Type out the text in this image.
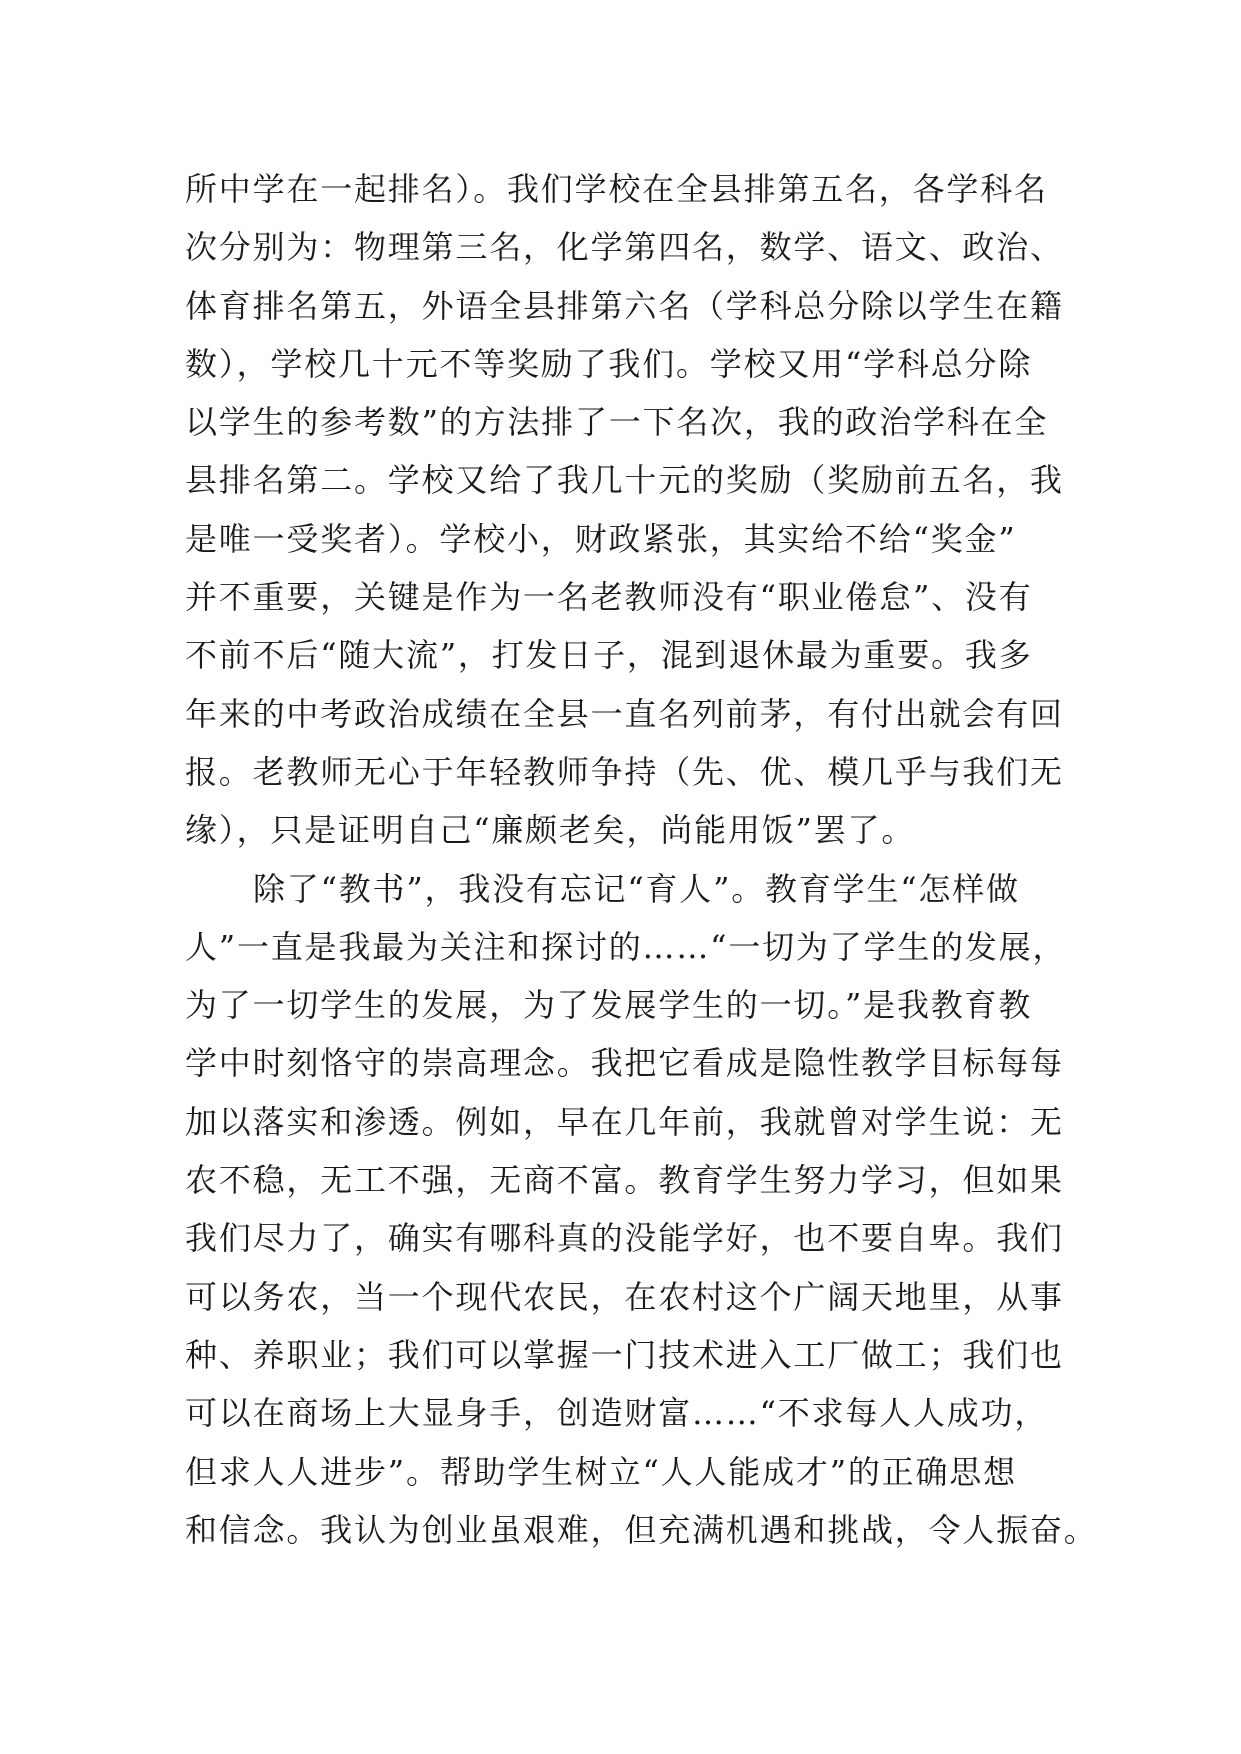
所中学在一起排名）。我们学校在全县排第五名，各学科名
次分别为：物理第三名，化学第四名，数学、语文、政治、
体育排名第五，外语全县排第六名（学科总分除以学生在籍
数），学校几十元不等奖励了我们。学校又用“学科总分除
以学生的参考数”的方法排了一下名次，我的政治学科在全
县排名第二。学校又给了我几十元的奖励（奖励前五名，我
是唯一受奖者）。学校小，财政紧张，其实给不给“奖金”
并不重要，关键是作为一名老教师没有“职业倦怠”、没有
不前不后“随大流”，打发日子，混到退休最为重要。我多
年来的中考政治成绩在全县一直名列前茅，有付出就会有回
报。老教师无心于年轻教师争持（先、优、模几乎与我们无
缘），只是证明自己“廉颇老矣，尚能用饭”罢了。
除了“教书”，我没有忘记“育人”。教育学生“怎样做
人”一直是我最为关注和探讨的……“一切为了学生的发展，
为了一切学生的发展，为了发展学生的一切。”是我教育教
学中时刻恪守的崇高理念。我把它看成是隐性教学目标每每
加以落实和渗透。例如，早在几年前，我就曾对学生说：无
农不稳，无工不强，无商不富。教育学生努力学习，但如果
我们尽力了，确实有哪科真的没能学好，也不要自卑。我们
可以务农，当一个现代农民，在农村这个广阔天地里，从事
种、养职业；我们可以掌握一门技术进入工厂做工；我们也
可以在商场上大显身手，创造财富……“不求每人人成功，
但求人人进步”。帮助学生树立“人人能成才”的正确思想
和信念。我认为创业虽艰难，但充满机遇和挑战，令人振奋。
